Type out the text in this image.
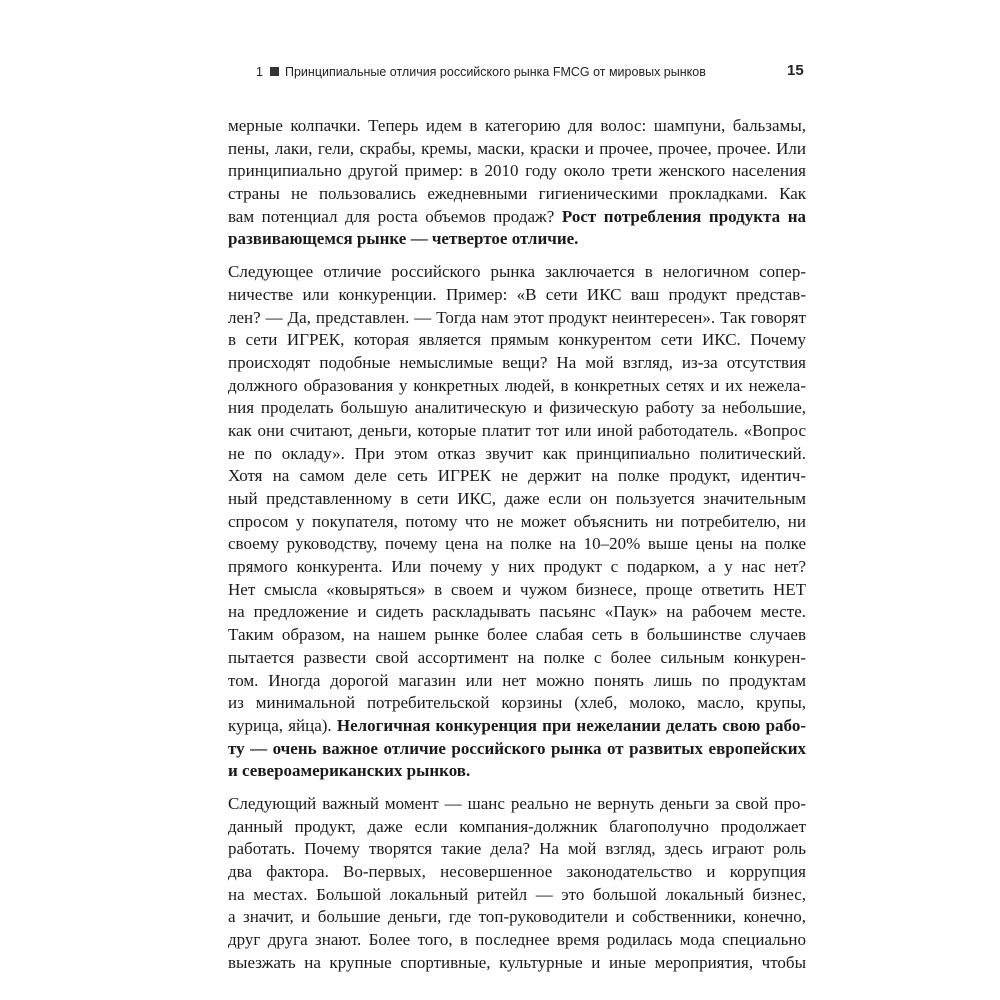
1 Принципиальные отличия российского рынка FMCG от мировых рынков	15
мерные колпачки. Теперь идем в категорию для волос: шампуни, бальзамы,
пены, лаки, гели, скрабы, кремы, маски, краски и прочее, прочее, прочее. Или
принципиально другой пример: в 2010 году около трети женского населения
страны не пользовались ежедневными гигиеническими прокладками. Как
вам потенциал для роста объемов продаж? Рост потребления продукта на
развивающемся рынке — четвертое отличие.
Следующее отличие российского рынка заключается в нелогичном сопер-
ничестве или конкуренции. Пример: «В сети ИКС ваш продукт представ-
лен? — Да, представлен. — Тогда нам этот продукт неинтересен». Так говорят
в сети ИГРЕК, которая является прямым конкурентом сети ИКС. Почему
происходят подобные немыслимые вещи? На мой взгляд, из-за отсутствия
должного образования у конкретных людей, в конкретных сетях и их нежела-
ния проделать большую аналитическую и физическую работу за небольшие,
как они считают, деньги, которые платит тот или иной работодатель. «Вопрос
не по окладу». При этом отказ звучит как принципиально политический.
Хотя на самом деле сеть ИГРЕК не держит на полке продукт, идентич-
ный представленному в сети ИКС, даже если он пользуется значительным
спросом у покупателя, потому что не может объяснить ни потребителю, ни
своему руководству, почему цена на полке на 10–20% выше цены на полке
прямого конкурента. Или почему у них продукт с подарком, а у нас нет?
Нет смысла «ковыряться» в своем и чужом бизнесе, проще ответить НЕТ
на предложение и сидеть раскладывать пасьянс «Паук» на рабочем месте.
Таким образом, на нашем рынке более слабая сеть в большинстве случаев
пытается развести свой ассортимент на полке с более сильным конкурен-
том. Иногда дорогой магазин или нет можно понять лишь по продуктам
из минимальной потребительской корзины (хлеб, молоко, масло, крупы,
курица, яйца). Нелогичная конкуренция при нежелании делать свою рабо-
ту — очень важное отличие российского рынка от развитых европейских
и североамериканских рынков.
Следующий важный момент — шанс реально не вернуть деньги за свой про-
данный продукт, даже если компания-должник благополучно продолжает
работать. Почему творятся такие дела? На мой взгляд, здесь играют роль
два фактора. Во-первых, несовершенное законодательство и коррупция
на местах. Большой локальный ритейл — это большой локальный бизнес,
а значит, и большие деньги, где топ-руководители и собственники, конечно,
друг друга знают. Более того, в последнее время родилась мода специально
выезжать на крупные спортивные, культурные и иные мероприятия, чтобы
